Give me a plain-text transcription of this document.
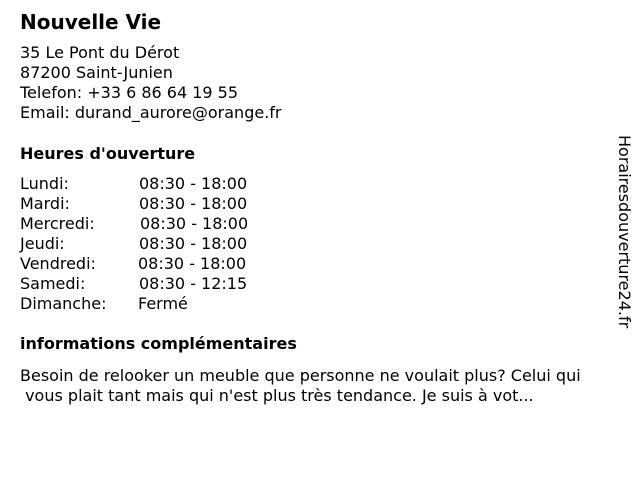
Nouvelle Vie
35 Le Pont du Dérot
87200 Saint-Junien
Telefon: +33 6 86 64 19 55
Email: durand_aurore@orange.fr
Heures d'ouverture
Lundi:	08:30 - 18:00
Mardi:	08:30 - 18:00
Mercredi:	08:30 - 18:00
Jeudi:	08:30 - 18:00
Vendredi:	08:30 - 18:00
Samedi:	08:30 - 12:15
Dimanche: Fermé
informations complémentaires
Besoin de relooker un meuble que personne ne voulait plus? Celui qui
vous plait tant mais qui n'est plus très tendance. Je suis à vot...
Horairesdouverture24.fr
